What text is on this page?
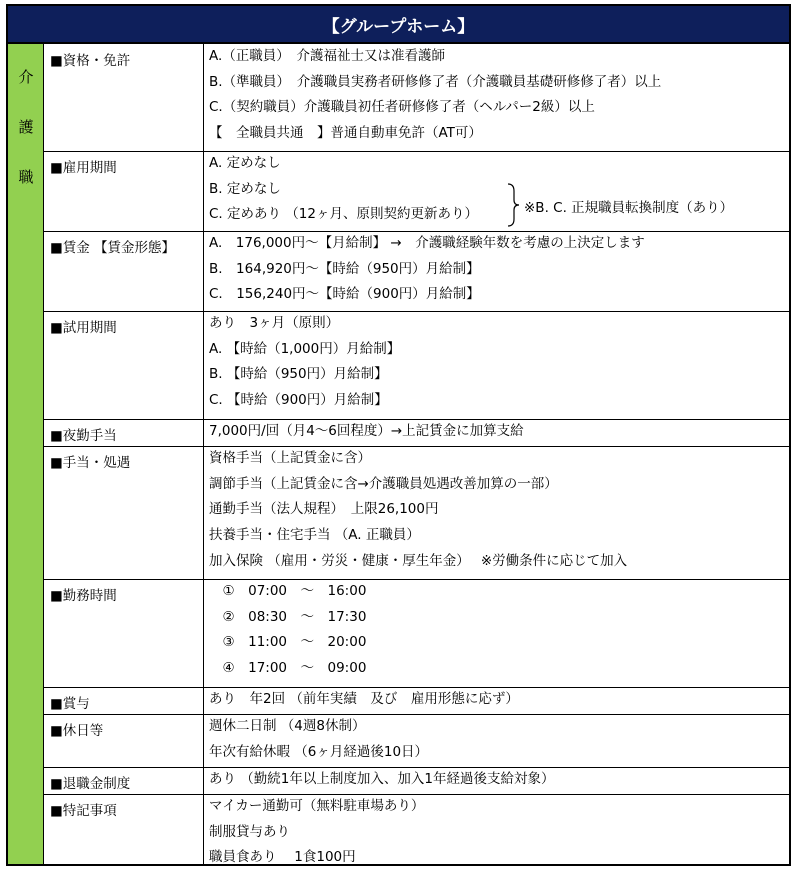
【グループホーム】
介
護
職
■資格・免許	A.（正職員）　介護福祉士又は准看護師
B.（準職員）　介護職員実務者研修修了者（介護職員基礎研修修了者）以上
C.（契約職員）介護職員初任者研修修了者（ヘルパー2級）以上
【　全職員共通　】普通自動車免許（AT可）
■雇用期間	A. 定めなし
B. 定めなし
C. 定めあり （12ヶ月、原則契約更新あり）	※B. C. 正規職員転換制度（あり）
■賃金 【賃金形態】	A.　176,000円～【月給制】 →　介護職経験年数を考慮の上決定します
B.　164,920円～【時給（950円）月給制】
C.　156,240円～【時給（900円）月給制】
■試用期間	あり　3ヶ月（原則）
A. 【時給（1,000円）月給制】
B. 【時給（950円）月給制】
C. 【時給（900円）月給制】
■夜勤手当	7,000円/回（月4～6回程度）→上記賃金に加算支給
■手当・処遇	資格手当（上記賃金に含）
調節手当（上記賃金に含→介護職員処遇改善加算の一部）
通勤手当（法人規程）　上限26,100円
扶養手当・住宅手当 （A. 正職員）
加入保険 （雇用・労災・健康・厚生年金）　 ※労働条件に応じて加入
■勤務時間	　①　07:00　～　16:00
　②　08:30　～　17:30
　③　11:00　～　20:00
　④　17:00　～　09:00
■賞与	あり　年2回 （前年実績　及び　雇用形態に応ず）
■休日等	週休二日制 （4週8休制）
年次有給休暇 （6ヶ月経過後10日）
■退職金制度	あり （勤続1年以上制度加入、加入1年経過後支給対象）
■特記事項	マイカー通勤可（無料駐車場あり）
制服貸与あり
職員食あり　 1食100円
